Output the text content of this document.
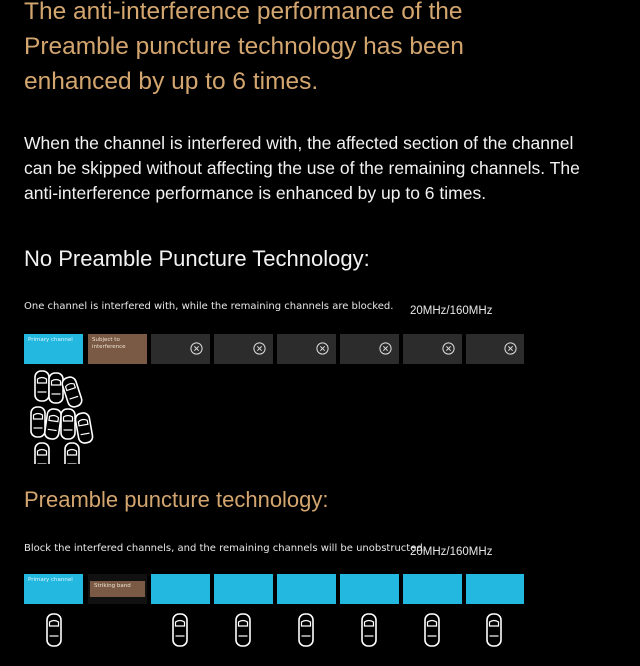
The anti-interference performance of the
Preamble puncture technology has been
enhanced by up to 6 times.
When the channel is interfered with, the affected section of the channel
can be skipped without affecting the use of the remaining channels. The
anti-interference performance is enhanced by up to 6 times.
No Preamble Puncture Technology:
One channel is interfered with, while the remaining channels are blocked. 20MHz/160MHz
Primary channel	Subject to interference
Preamble puncture technology:
Block the interfered channels, and the remaining channels will be unobstructed.
20MHz/160MHz
Primary channel
Striking band
